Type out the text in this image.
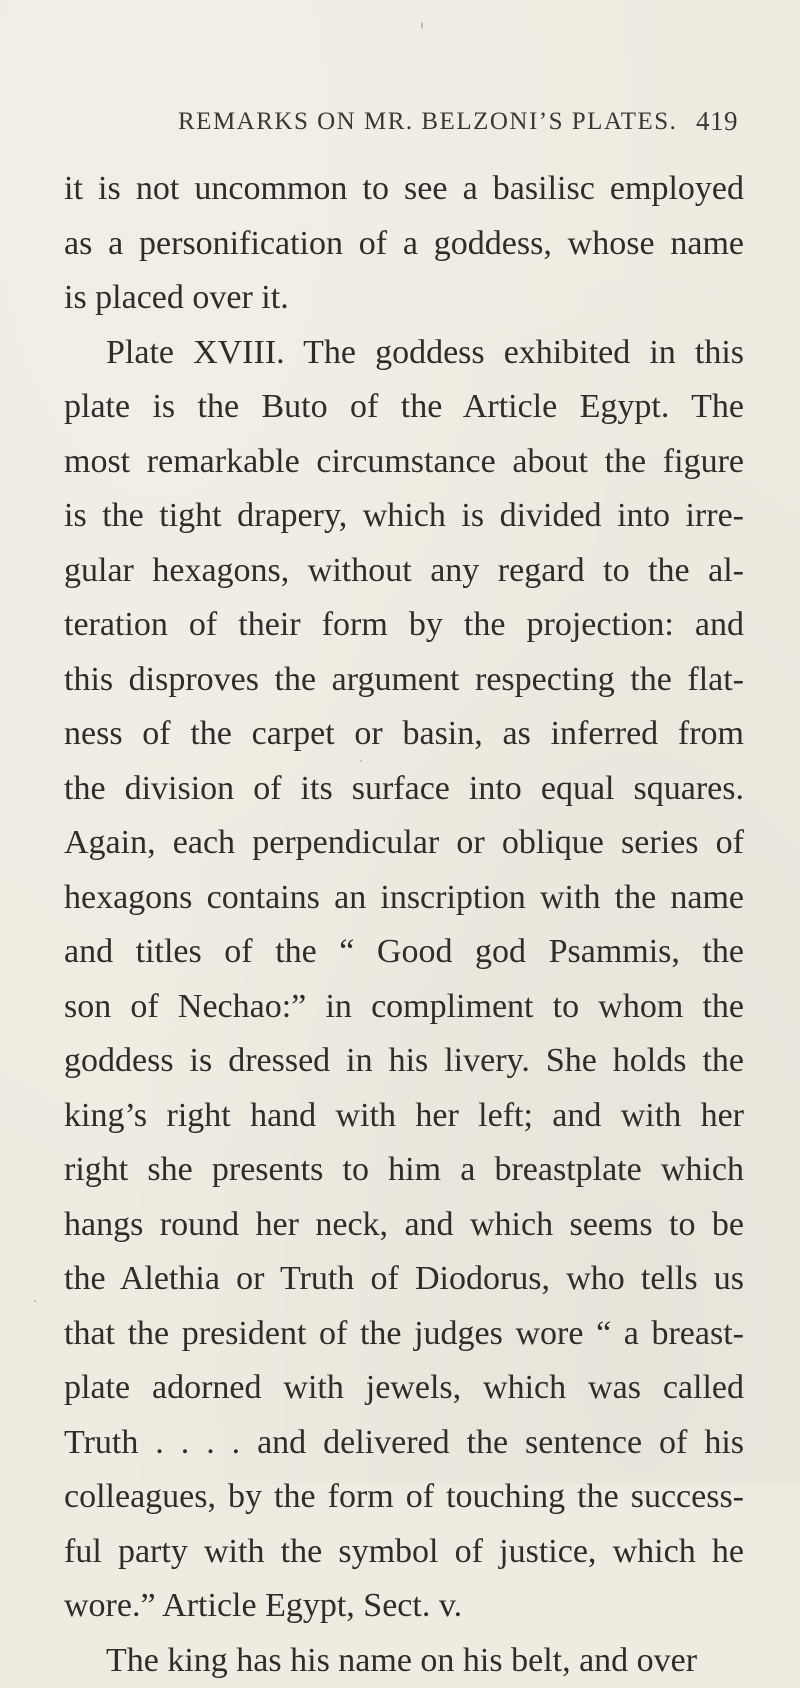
REMARKS ON MR. BELZONI’S PLATES. 419
it is not uncommon to see a basilisc employed
as a personification of a goddess, whose name
is placed over it.
Plate XVIII. The goddess exhibited in this
plate is the Buto of the Article Egypt. The
most remarkable circumstance about the figure
is the tight drapery, which is divided into irre-
gular hexagons, without any regard to the al-
teration of their form by the projection: and
this disproves the argument respecting the flat-
ness of the carpet or basin, as inferred from
the division of its surface into equal squares.
Again, each perpendicular or oblique series of
hexagons contains an inscription with the name
and titles of the “ Good god Psammis, the
son of Nechao:” in compliment to whom the
goddess is dressed in his livery. She holds the
king’s right hand with her left; and with her
right she presents to him a breastplate which
hangs round her neck, and which seems to be
the Alethia or Truth of Diodorus, who tells us
that the president of the judges wore “ a breast-
plate adorned with jewels, which was called
Truth . . . . and delivered the sentence of his
colleagues, by the form of touching the success-
ful party with the symbol of justice, which he
wore.” Article Egypt, Sect. v.
The king has his name on his belt, and over
